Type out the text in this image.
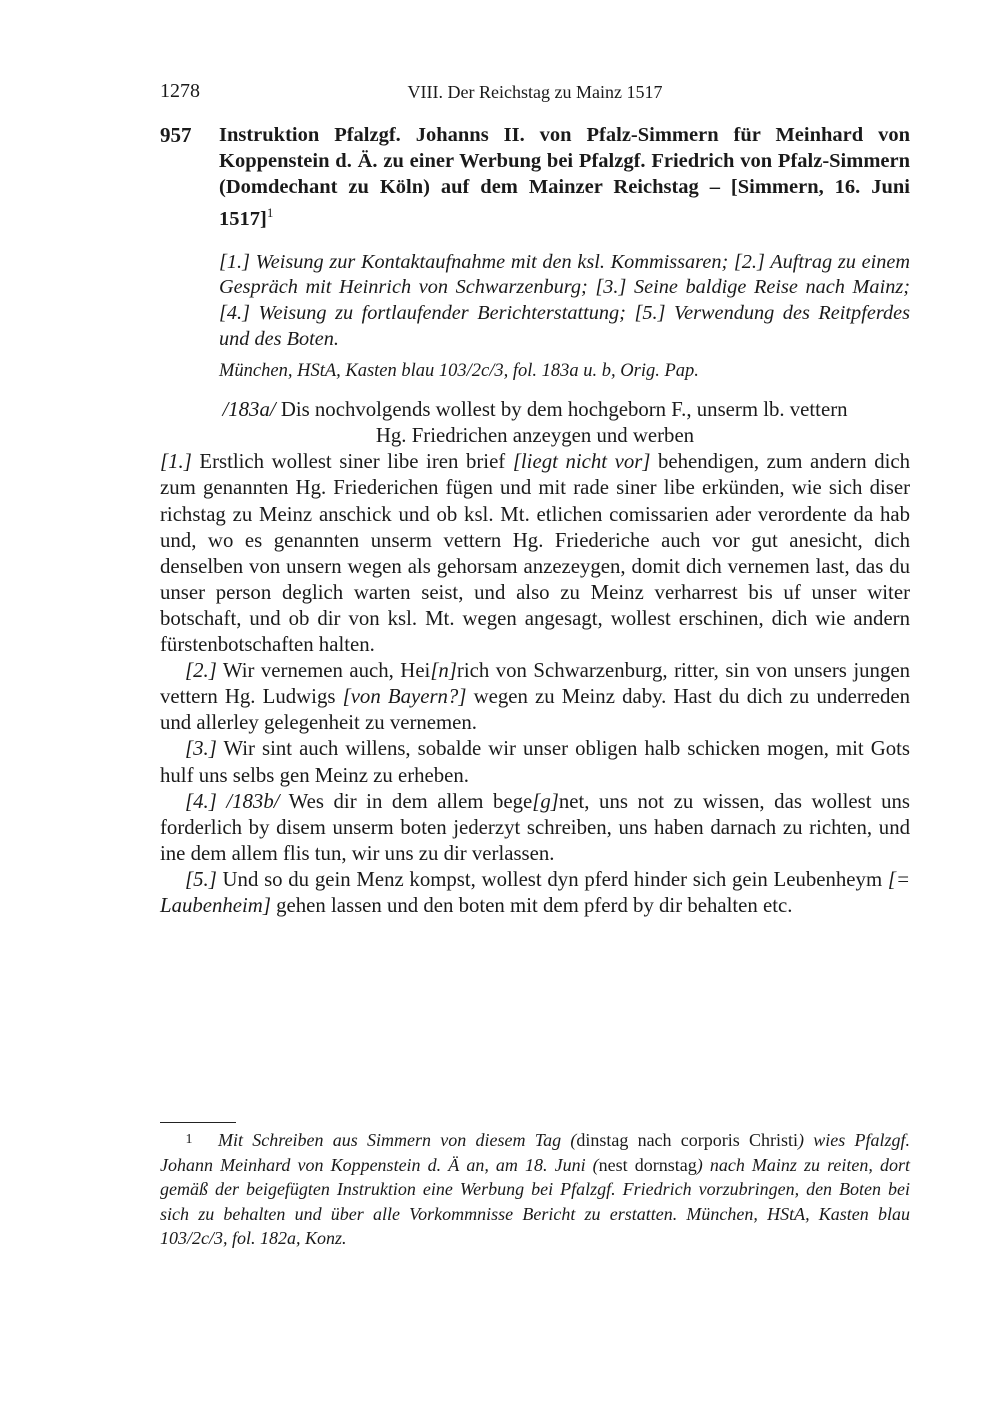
1278	VIII. Der Reichstag zu Mainz 1517
957 Instruktion Pfalzgf. Johanns II. von Pfalz-Simmern für Meinhard von Koppenstein d. Ä. zu einer Werbung bei Pfalzgf. Friedrich von Pfalz-Simmern (Domdechant zu Köln) auf dem Mainzer Reichstag – [Simmern, 16. Juni 1517]$^1$
[1.] Weisung zur Kontaktaufnahme mit den ksl. Kommissaren; [2.] Auftrag zu einem Gespräch mit Heinrich von Schwarzenburg; [3.] Seine baldige Reise nach Mainz; [4.] Weisung zu fortlaufender Berichterstattung; [5.] Verwendung des Reitpferdes und des Boten.
München, HStA, Kasten blau 103/2c/3, fol. 183a u. b, Orig. Pap.

/183a/ Dis nochvolgends wollest by dem hochgeborn F., unserm lb. vettern
Hg. Friedrichen anzeygen und werben

[1.] Erstlich wollest siner libe iren brief [liegt nicht vor] behendigen, zum andern dich zum genannten Hg. Friederichen fügen und mit rade siner libe erkünden, wie sich diser richstag zu Meinz anschick und ob ksl. Mt. etlichen comissarien ader verordente da hab und, wo es genannten unserm vettern Hg. Friederiche auch vor gut anesicht, dich denselben von unsern wegen als gehorsam anzezeygen, domit dich vernemen last, das du unser person deglich warten seist, und also zu Meinz verharrest bis uf unser witer botschaft, und ob dir von ksl. Mt. wegen angesagt, wollest erschinen, dich wie andern fürstenbotschaften halten.

[2.] Wir vernemen auch, Hei[n]rich von Schwarzenburg, ritter, sin von unsers jungen vettern Hg. Ludwigs [von Bayern?] wegen zu Meinz daby. Hast du dich zu underreden und allerley gelegenheit zu vernemen.

[3.] Wir sint auch willens, sobalde wir unser obligen halb schicken mogen, mit Gots hulf uns selbs gen Meinz zu erheben.

[4.] /183b/ Wes dir in dem allem bege[g]net, uns not zu wissen, das wollest uns forderlich by disem unserm boten jederzyt schreiben, uns haben darnach zu richten, und ine dem allem flis tun, wir uns zu dir verlassen.

[5.] Und so du gein Menz kompst, wollest dyn pferd hinder sich gein Leubenheym [= Laubenheim] gehen lassen und den boten mit dem pferd by dir behalten etc.

1 Mit Schreiben aus Simmern von diesem Tag (dinstag nach corporis Christi) wies Pfalzgf. Johann Meinhard von Koppenstein d. Ä an, am 18. Juni (nest dornstag) nach Mainz zu reiten, dort gemäß der beigefügten Instruktion eine Werbung bei Pfalzgf. Friedrich vorzubringen, den Boten bei sich zu behalten und über alle Vorkommnisse Bericht zu erstatten. München, HStA, Kasten blau 103/2c/3, fol. 182a, Konz.
